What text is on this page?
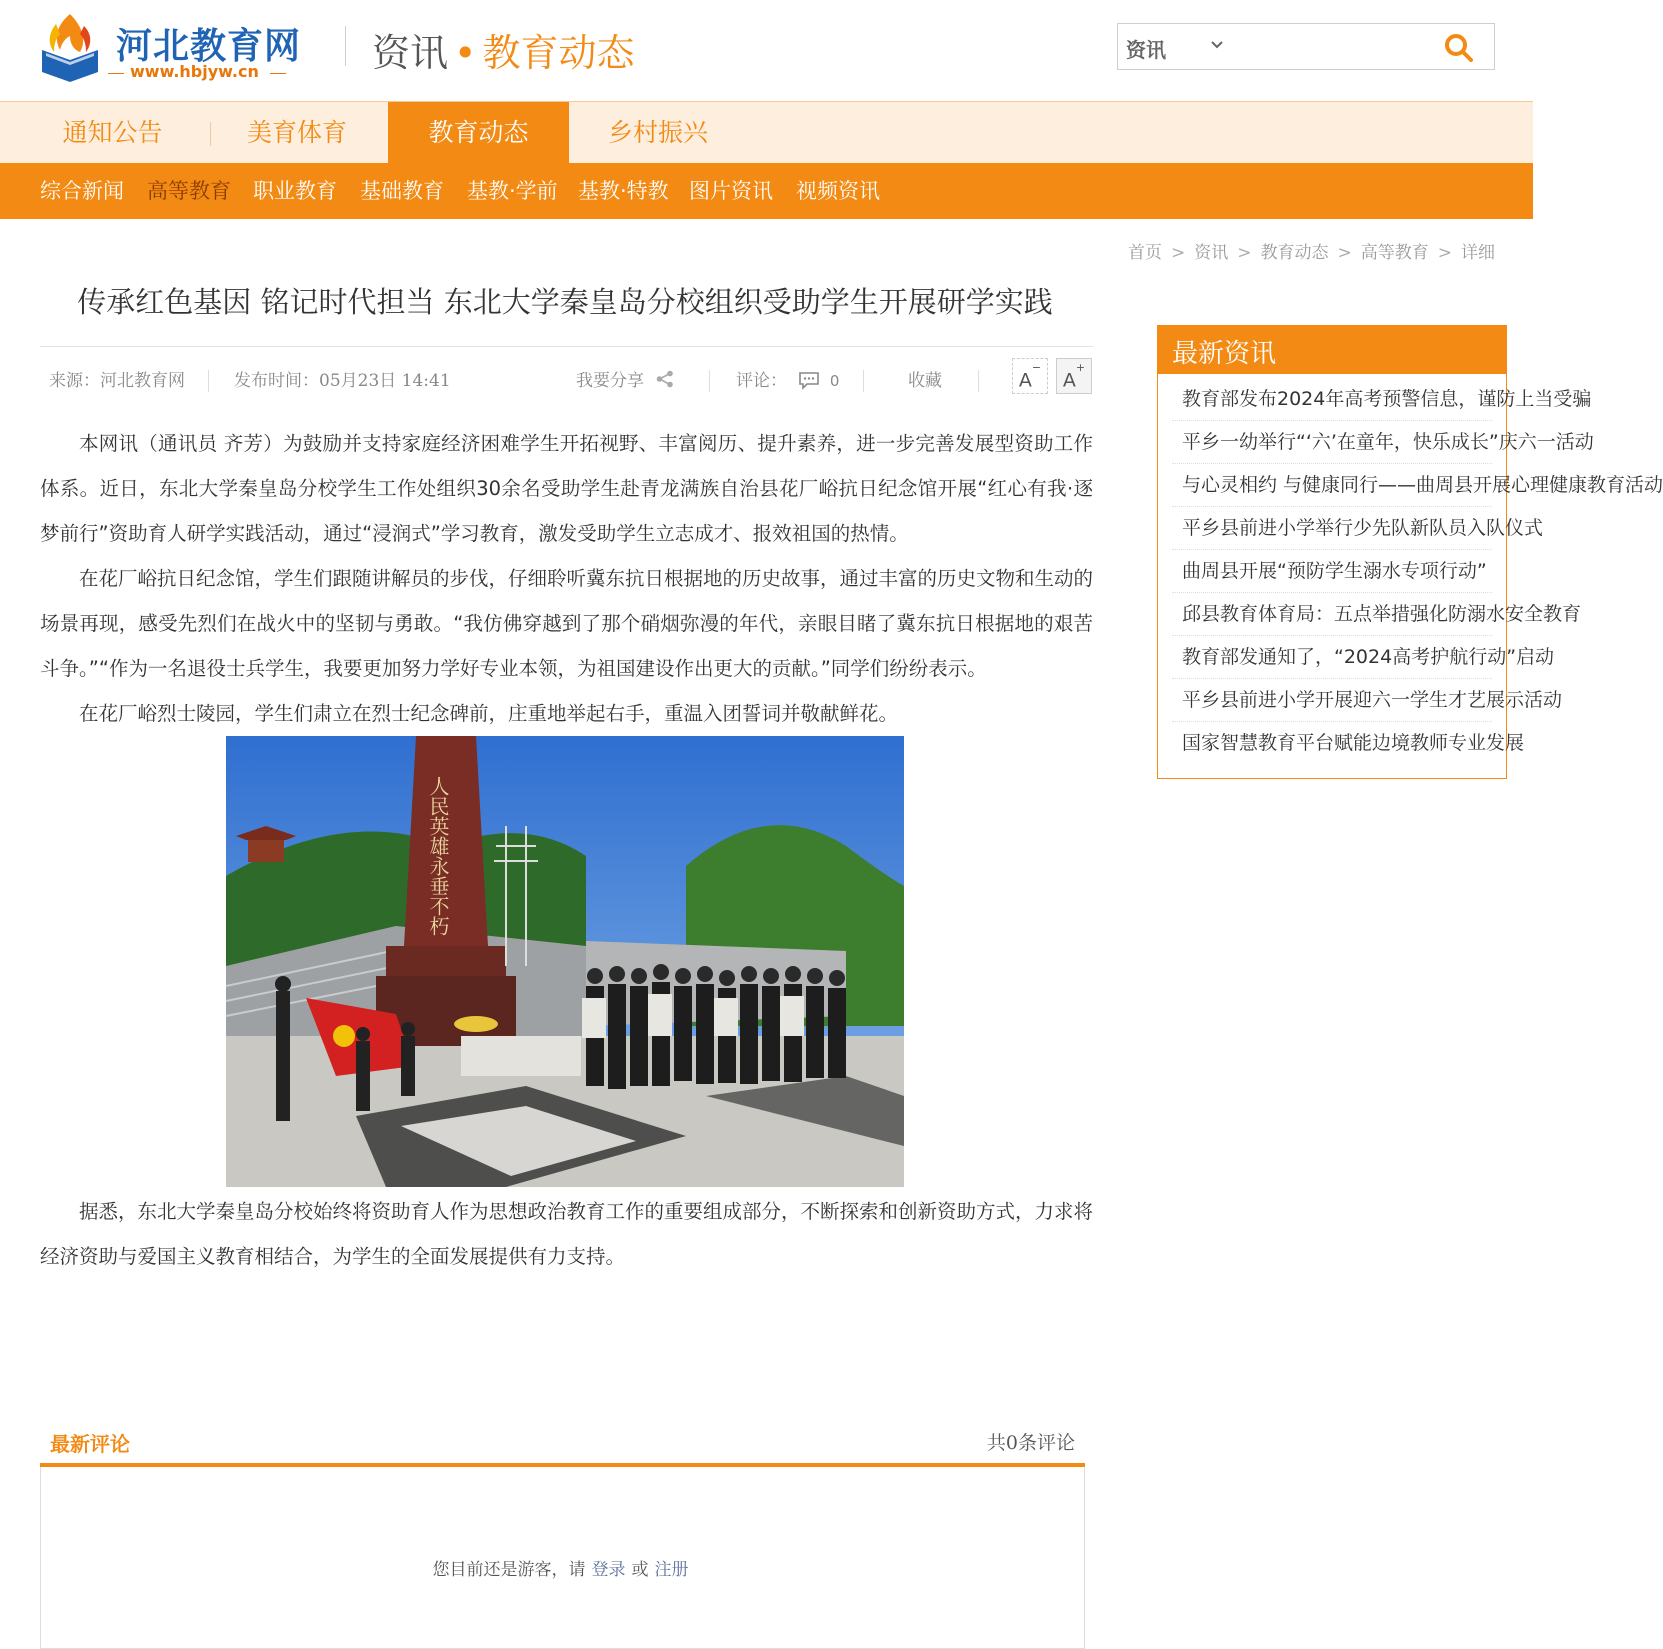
河北教育网
www.hbjyw.cn	资讯 • 教育动态	资讯
通知公告	美育体育	教育动态	乡村振兴
综合新闻 高等教育 职业教育 基础教育 基教·学前 基教·特教 图片资讯 视频资讯
首页 > 资讯 > 教育动态 > 高等教育 > 详细
传承红色基因 铭记时代担当 东北大学秦皇岛分校组织受助学生开展研学实践
来源：河北教育网	发布时间：05月23日 14:41	我要分享	评论：	0	收藏	A−
A+

本网讯（通讯员 齐芳）为鼓励并支持家庭经济困难学生开拓视野、丰富阅历、提升素养，进一步完善发展型资助工作体系。近日，东北大学秦皇岛分校学生工作处组织30余名受助学生赴青龙满族自治县花厂峪抗日纪念馆开展“红心有我·逐梦前行”资助育人研学实践活动，通过“浸润式”学习教育，激发受助学生立志成才、报效祖国的热情。

在花厂峪抗日纪念馆，学生们跟随讲解员的步伐，仔细聆听冀东抗日根据地的历史故事，通过丰富的历史文物和生动的场景再现，感受先烈们在战火中的坚韧与勇敢。“我仿佛穿越到了那个硝烟弥漫的年代，亲眼目睹了冀东抗日根据地的艰苦斗争。”“作为一名退役士兵学生，我要更加努力学好专业本领，为祖国建设作出更大的贡献。”同学们纷纷表示。

在花厂峪烈士陵园，学生们肃立在烈士纪念碑前，庄重地举起右手，重温入团誓词并敬献鲜花。

人民英雄永垂不朽

据悉，东北大学秦皇岛分校始终将资助育人作为思想政治教育工作的重要组成部分，不断探索和创新资助方式，力求将经济资助与爱国主义教育相结合，为学生的全面发展提供有力支持。

最新评论	共0条评论
您目前还是游客，请 登录 或 注册
最新资讯
教育部发布2024年高考预警信息，谨防上当受骗
平乡一幼举行“‘六’在童年，快乐成长”庆六一活动
与心灵相约 与健康同行——曲周县开展心理健康教育活动
平乡县前进小学举行少先队新队员入队仪式
曲周县开展“预防学生溺水专项行动”
邱县教育体育局：五点举措强化防溺水安全教育
教育部发通知了，“2024高考护航行动”启动
平乡县前进小学开展迎六一学生才艺展示活动
国家智慧教育平台赋能边境教师专业发展
